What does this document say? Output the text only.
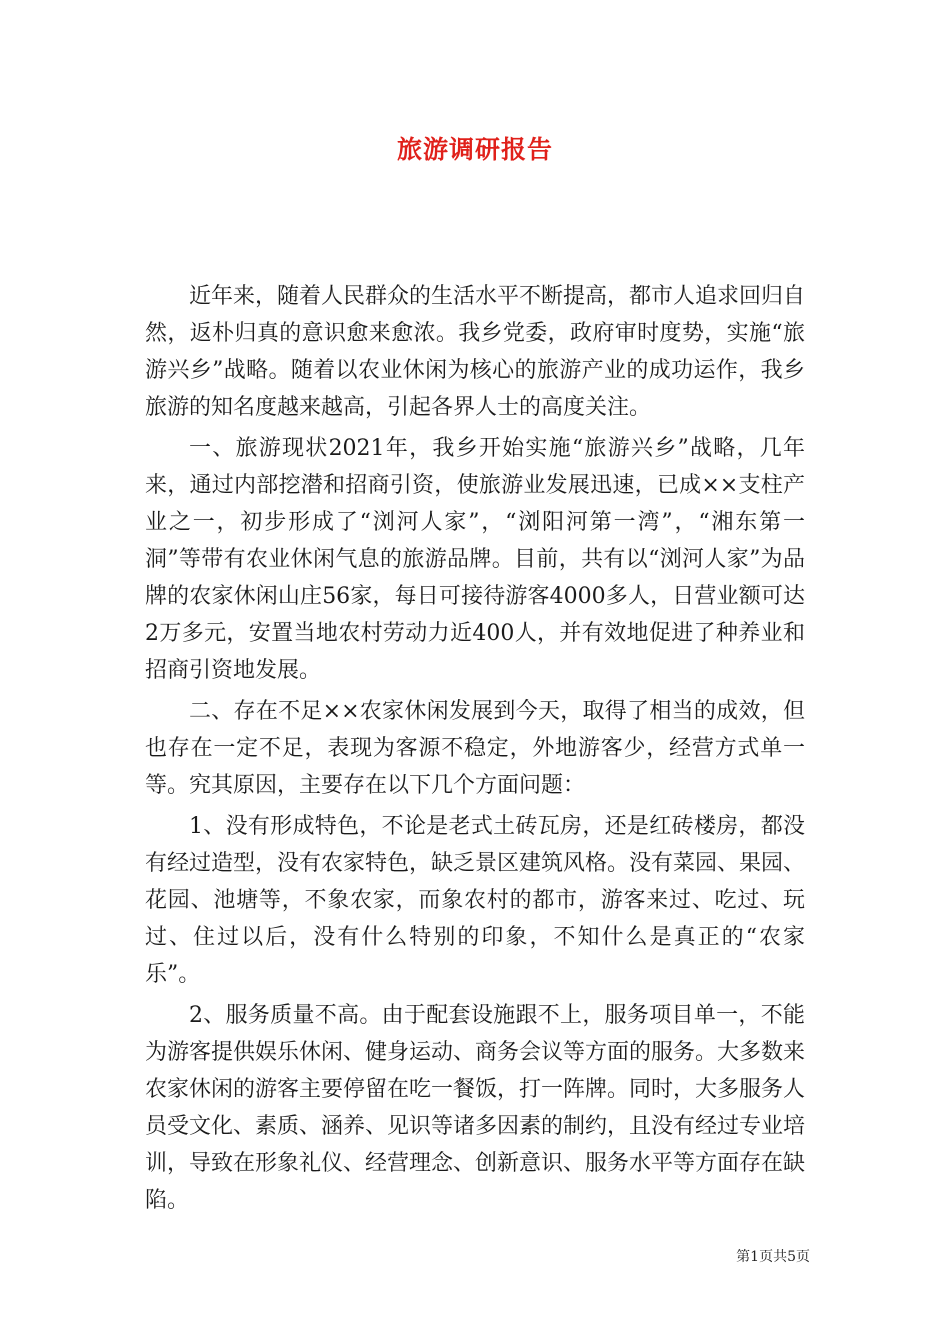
旅游调研报告

近年来，随着人民群众的生活水平不断提高，都市人追求回归自然，返朴归真的意识愈来愈浓。我乡党委，政府审时度势，实施“旅游兴乡”战略。随着以农业休闲为核心的旅游产业的成功运作，我乡旅游的知名度越来越高，引起各界人士的高度关注。

一、旅游现状2021年，我乡开始实施“旅游兴乡”战略，几年来，通过内部挖潜和招商引资，使旅游业发展迅速，已成××支柱产业之一，初步形成了“浏河人家”，“浏阳河第一湾”，“湘东第一洞”等带有农业休闲气息的旅游品牌。目前，共有以“浏河人家”为品牌的农家休闲山庄56家，每日可接待游客4000多人，日营业额可达2万多元，安置当地农村劳动力近400人，并有效地促进了种养业和招商引资地发展。

二、存在不足××农家休闲发展到今天，取得了相当的成效，但也存在一定不足，表现为客源不稳定，外地游客少，经营方式单一等。究其原因，主要存在以下几个方面问题：

1、没有形成特色，不论是老式土砖瓦房，还是红砖楼房，都没有经过造型，没有农家特色，缺乏景区建筑风格。没有菜园、果园、花园、池塘等，不象农家，而象农村的都市，游客来过、吃过、玩过、住过以后，没有什么特别的印象，不知什么是真正的“农家乐”。

2、服务质量不高。由于配套设施跟不上，服务项目单一，不能为游客提供娱乐休闲、健身运动、商务会议等方面的服务。大多数来农家休闲的游客主要停留在吃一餐饭，打一阵牌。同时，大多服务人员受文化、素质、涵养、见识等诸多因素的制约，且没有经过专业培训，导致在形象礼仪、经营理念、创新意识、服务水平等方面存在缺陷。

第1页共5页
